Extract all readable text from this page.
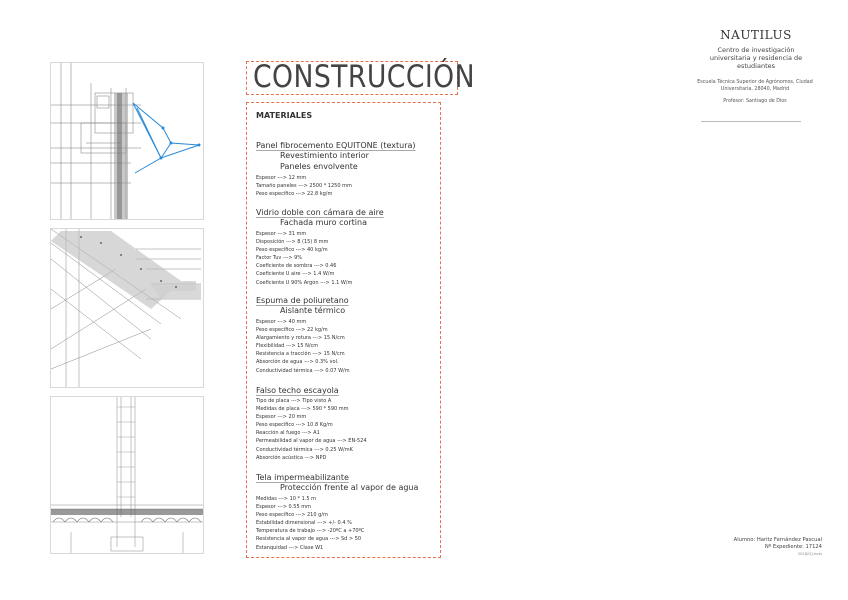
CONSTRUCCIÓN
MATERIALES
Panel fibrocemento EQUITONE (textura)
Revestimiento interior
Paneles envolvente
Espesor ---> 12 mm
Tamaño paneles ---> 2500 * 1250 mm
Peso específico ---> 22.8 kg/m
Vidrio doble con cámara de aire
Fachada muro cortina
Espesor ---> 31 mm
Disposición ---> 8 (15) 8 mm
Peso específico ---> 40 kg/m
Factor Tuv ---> 9%
Coeficiente de sombra ---> 0.46
Coeficiente U aire ---> 1.4 W/m
Coeficiente U 90% Argón ---> 1.1 W/m
Espuma de poliuretano
Aislante térmico
Espesor ---> 40 mm
Peso específico ---> 22 kg/m
Alargamiento y rotura ---> 15 N/cm
Flexibilidad ---> 15 N/cm
Resistencia a tracción ---> 15 N/cm
Absorción de agua ---> 0.3% vol.
Conductividad térmica ---> 0.07 W/m
Falso techo escayola
Tipo de placa ---> Tipo visto A
Medidas de placa ---> 590 * 590 mm
Espesor ---> 20 mm
Peso específico ---> 10.8 Kg/m
Reacción al fuego ---> A1
Permeabilidad al vapor de agua ---> EN-524
Conductividad térmica ---> 0.25 W/mK
Absorción acústica ---> NPD
Tela impermeabilizante
Protección frente al vapor de agua
Medidas ---> 10 * 1.5 m
Espesor ---> 0.55 mm
Peso específico ---> 210 g/m
Estabilidad dimensional ---> +/- 0.4 %
Temperatura de trabajo ---> -20ºC a +70ºC
Resistencia al vapor de agua ---> Sd > 50
Estanquidad ---> Clase W1
NAUTILUS
Centro de investigación universitaria y residencia de estudiantes
Escuela Técnica Superior de Agrónomos, Ciudad Universitaria, 28040, Madrid
Profesor: Santiago de Dios
Alumno: Haritz Fernández Pascual
Nº Expediente: 17124
2018/Q1/acts
